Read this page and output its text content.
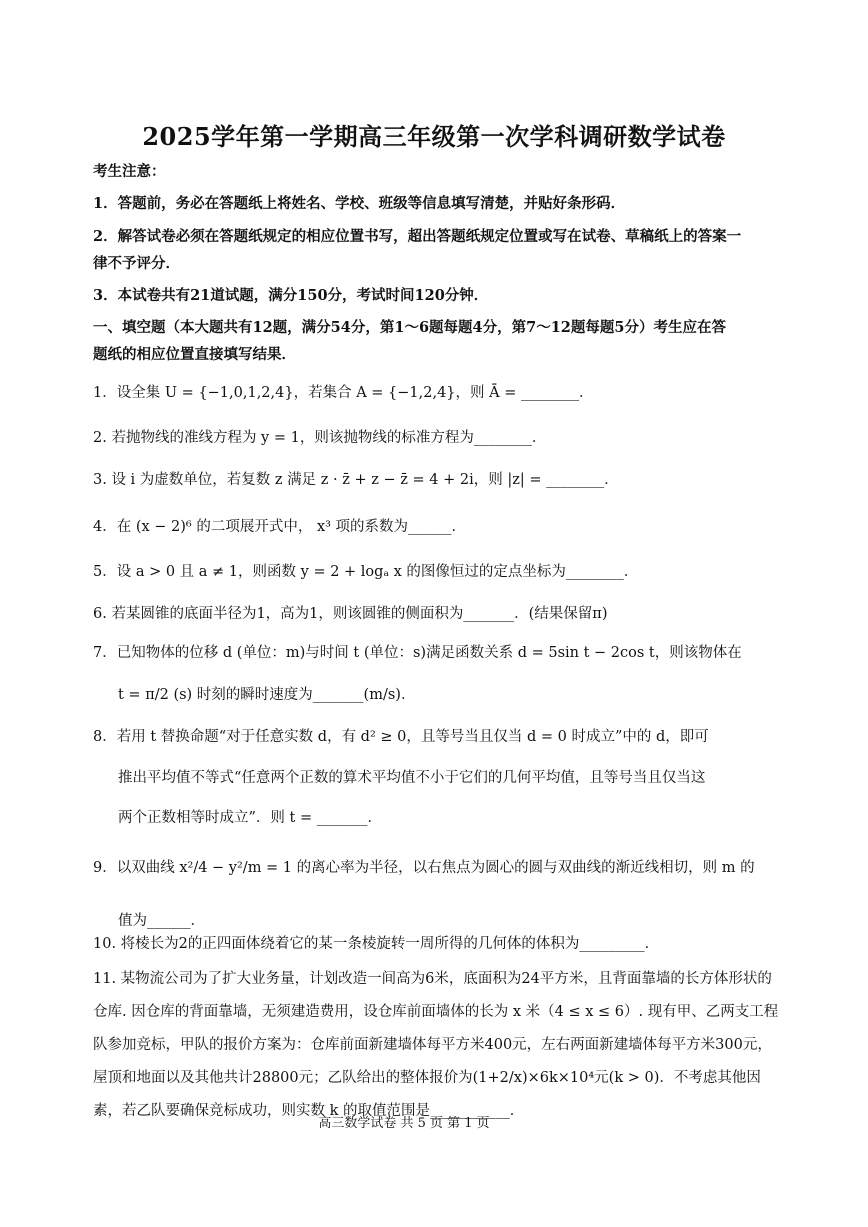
2025学年第一学期高三年级第一次学科调研数学试卷
考生注意：
1．答题前，务必在答题纸上将姓名、学校、班级等信息填写清楚，并贴好条形码．
2．解答试卷必须在答题纸规定的相应位置书写，超出答题纸规定位置或写在试卷、草稿纸上的答案一
律不予评分．
3．本试卷共有21道试题，满分150分，考试时间120分钟．
一、填空题（本大题共有12题，满分54分，第1～6题每题4分，第7～12题每题5分）考生应在答
题纸的相应位置直接填写结果．
1．设全集 U = {−1,0,1,2,4}，若集合 A = {−1,2,4}，则 Ā = ________．
2. 若抛物线的准线方程为 y = 1，则该抛物线的标准方程为________．
3. 设 i 为虚数单位，若复数 z 满足 z · z̄ + z − z̄ = 4 + 2i，则 |z| = ________．
4．在 (x − 2)⁶ 的二项展开式中， x³ 项的系数为______．
5．设 a > 0 且 a ≠ 1，则函数 y = 2 + logₐ x 的图像恒过的定点坐标为________．
6. 若某圆锥的底面半径为1，高为1，则该圆锥的侧面积为_______．(结果保留π)
7．已知物体的位移 d (单位：m)与时间 t (单位：s)满足函数关系 d = 5sin t − 2cos t，则该物体在
t = π/2 (s) 时刻的瞬时速度为_______(m/s)．
8．若用 t 替换命题“对于任意实数 d，有 d² ≥ 0，且等号当且仅当 d = 0 时成立”中的 d，即可
推出平均值不等式“任意两个正数的算术平均值不小于它们的几何平均值，且等号当且仅当这
两个正数相等时成立”．则 t = _______．
9．以双曲线 x²/4 − y²/m = 1 的离心率为半径，以右焦点为圆心的圆与双曲线的渐近线相切，则 m 的
值为______．
10. 将棱长为2的正四面体绕着它的某一条棱旋转一周所得的几何体的体积为_________．
11. 某物流公司为了扩大业务量，计划改造一间高为6米，底面积为24平方米，且背面靠墙的长方体形状的仓库. 因仓库的背面靠墙，无须建造费用，设仓库前面墙体的长为 x 米（4 ≤ x ≤ 6）. 现有甲、乙两支工程队参加竞标，甲队的报价方案为：仓库前面新建墙体每平方米400元，左右两面新建墙体每平方米300元，屋顶和地面以及其他共计28800元；乙队给出的整体报价为(1+2/x)×6k×10⁴元(k > 0)．不考虑其他因素，若乙队要确保竞标成功，则实数 k 的取值范围是___________．
高三数学试卷 共 5 页 第 1 页
